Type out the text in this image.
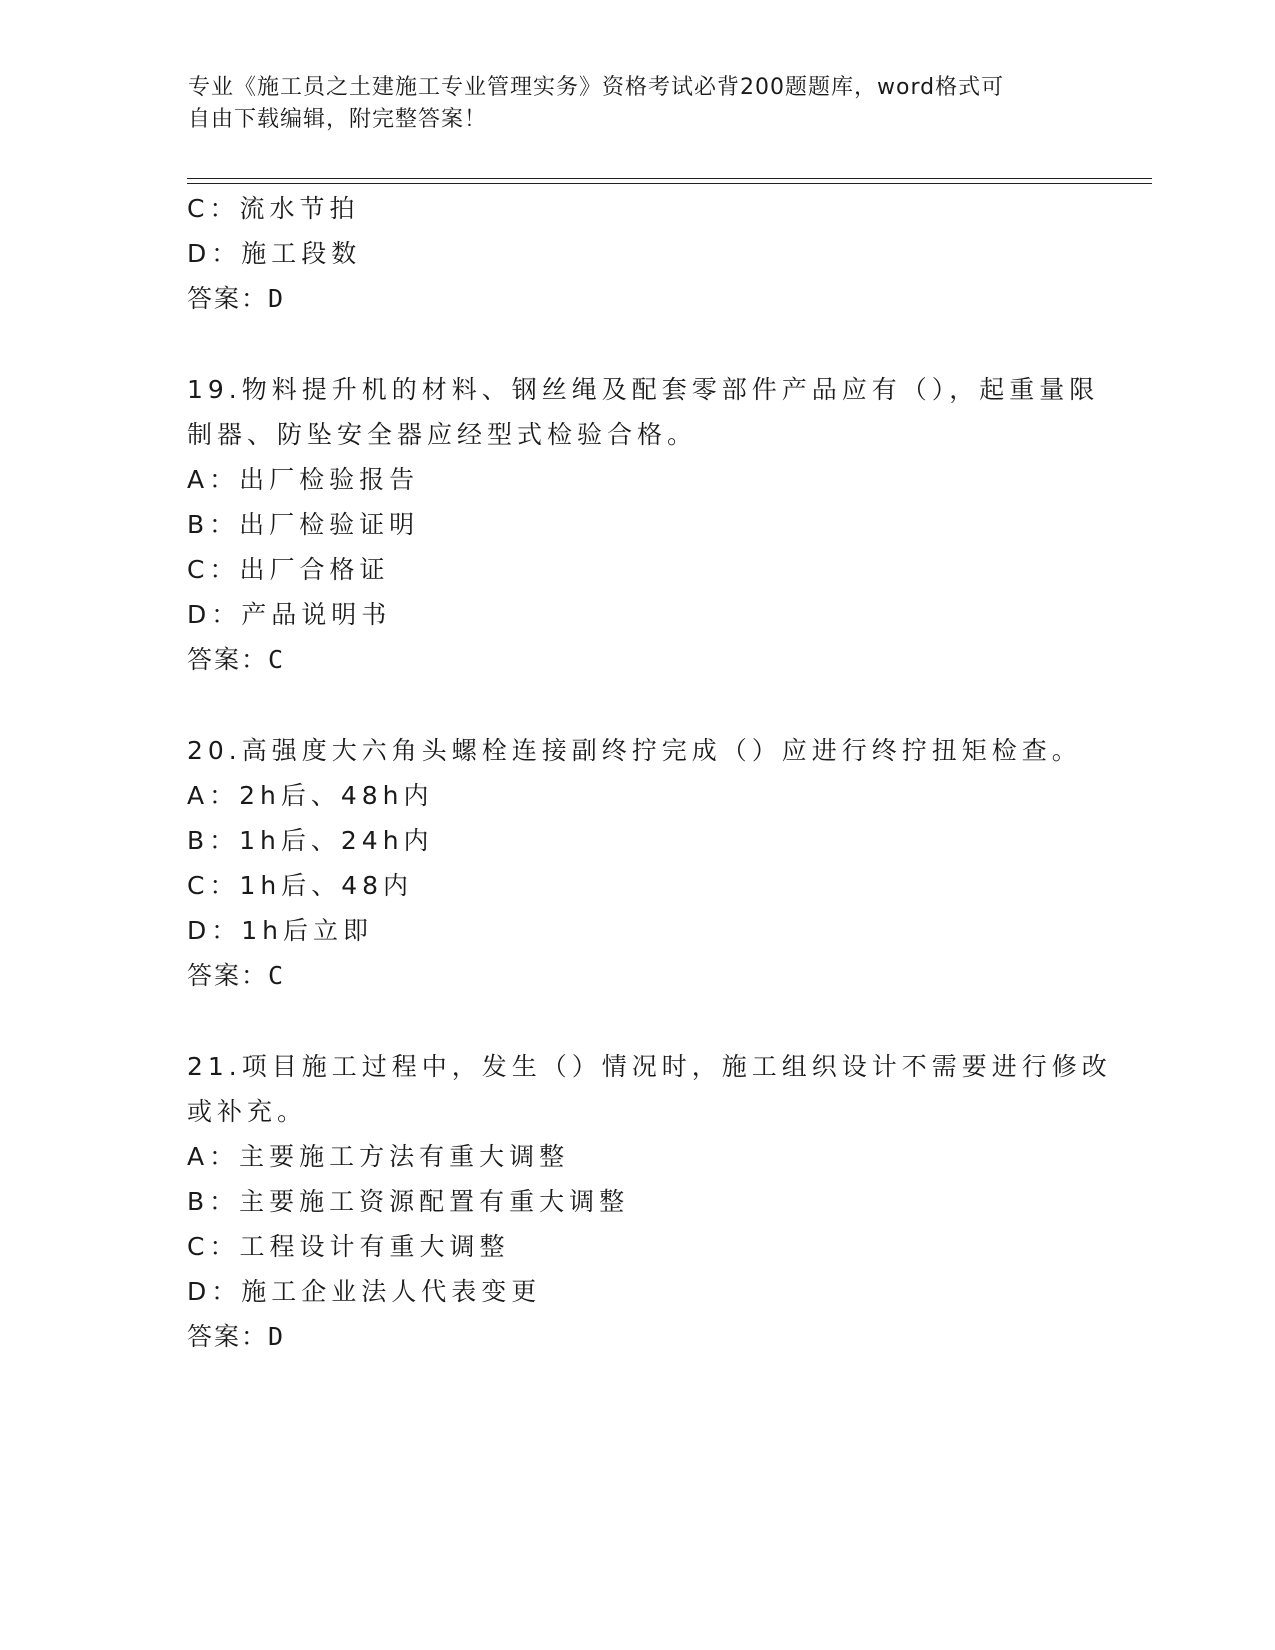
专业《施工员之土建施工专业管理实务》资格考试必背200题题库，word格式可
自由下载编辑，附完整答案！
C：流水节拍
D：施工段数
答案：D
19.物料提升机的材料、钢丝绳及配套零部件产品应有（），起重量限
制器、防坠安全器应经型式检验合格。
A：出厂检验报告
B：出厂检验证明
C：出厂合格证
D：产品说明书
答案：C
20.高强度大六角头螺栓连接副终拧完成（）应进行终拧扭矩检查。
A：2h后、48h内
B：1h后、24h内
C：1h后、48内
D：1h后立即
答案：C
21.项目施工过程中，发生（）情况时，施工组织设计不需要进行修改
或补充。
A：主要施工方法有重大调整
B：主要施工资源配置有重大调整
C：工程设计有重大调整
D：施工企业法人代表变更
答案：D
